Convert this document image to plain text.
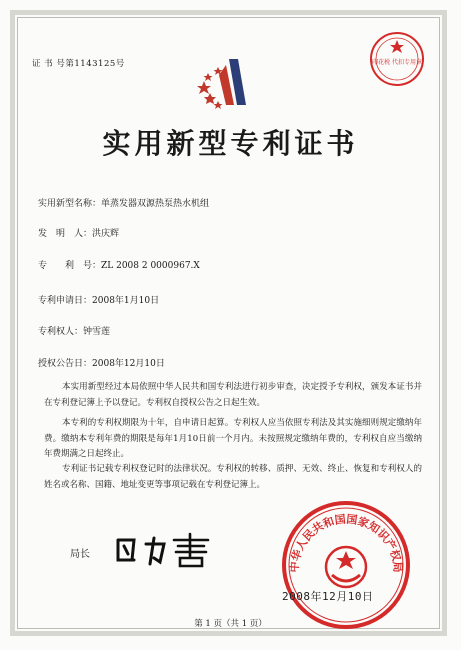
证 书 号第1143125号	印花税 代扣专用章
实用新型专利证书
实用新型名称：单蒸发器双源热泵热水机组
发　明　人：洪庆辉
专　　利　号：ZL 2008 2 0000967.X
专利申请日：2008年1月10日
专利权人：钟雪莲
授权公告日：2008年12月10日
本实用新型经过本局依照中华人民共和国专利法进行初步审查，决定授予专利权，颁发本证书并在专利登记簿上予以登记。专利权自授权公告之日起生效。
本专利的专利权期限为十年，自申请日起算。专利权人应当依照专利法及其实施细则规定缴纳年费。缴纳本专利年费的期限是每年1月10日前一个月内。未按照规定缴纳年费的，专利权自应当缴纳年费期满之日起终止。
专利证书记载专利权登记时的法律状况。专利权的转移、质押、无效、终止、恢复和专利权人的姓名或名称、国籍、地址变更等事项记载在专利登记簿上。
局长
中华人民共和国国家知识产权局
2008年12月10日
第 1 页（共 1 页）
